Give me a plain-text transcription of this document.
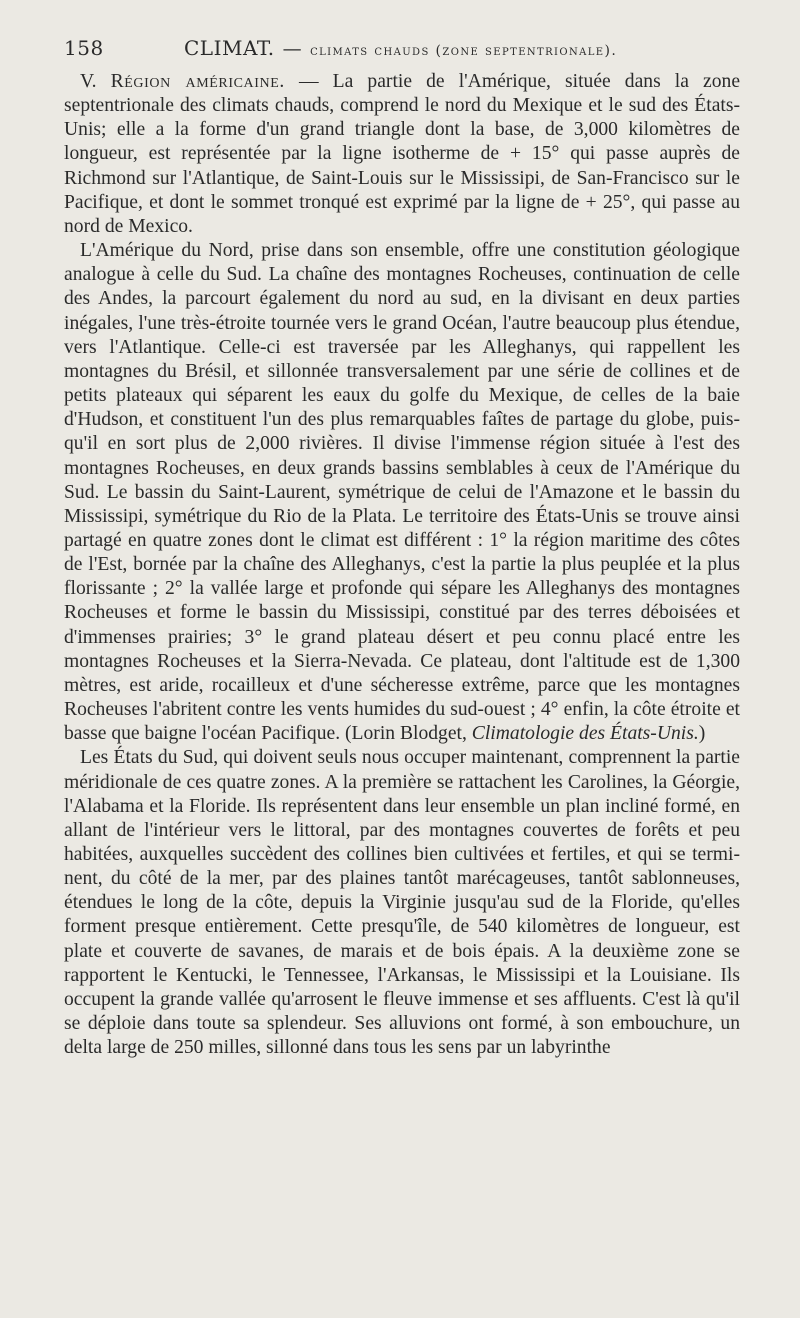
158	CLIMAT. — climats chauds (zone septentrionale).

V. Région américaine. — La partie de l'Amérique, située dans la zone septentrionale des climats chauds, comprend le nord du Mexique et le sud des États-Unis; elle a la forme d'un grand triangle dont la base, de 3,000 kilomètres de longueur, est représentée par la ligne isotherme de + 15° qui passe auprès de Richmond sur l'Atlantique, de Saint-Louis sur le Mississipi, de San-Francisco sur le Pacifique, et dont le sommet tronqué est exprimé par la ligne de + 25°, qui passe au nord de Mexico.

L'Amérique du Nord, prise dans son ensemble, offre une constitution géologique analogue à celle du Sud. La chaîne des montagnes Rocheuses, continuation de celle des Andes, la parcourt également du nord au sud, en la divisant en deux parties inégales, l'une très-étroite tournée vers le grand Océan, l'autre beaucoup plus étendue, vers l'Atlantique. Celle-ci est traversée par les Alleghanys, qui rappellent les montagnes du Brésil, et sillonnée transversalement par une série de collines et de petits plateaux qui séparent les eaux du golfe du Mexique, de celles de la baie d'Hudson, et constituent l'un des plus remarquables faîtes de partage du globe, puisqu'il en sort plus de 2,000 rivières. Il divise l'immense région située à l'est des montagnes Rocheuses, en deux grands bassins semblables à ceux de l'Amérique du Sud. Le bassin du Saint-Laurent, symétrique de celui de l'Amazone et le bassin du Mississipi, symétrique du Rio de la Plata. Le territoire des États-Unis se trouve ainsi partagé en quatre zones dont le climat est différent : 1° la région maritime des côtes de l'Est, bornée par la chaîne des Alleghanys, c'est la partie la plus peuplée et la plus florissante ; 2° la vallée large et profonde qui sépare les Alleghanys des montagnes Rocheuses et forme le bassin du Mississipi, constitué par des terres déboisées et d'immenses prairies; 3° le grand plateau désert et peu connu placé entre les montagnes Rocheuses et la Sierra-Nevada. Ce plateau, dont l'altitude est de 1,300 mètres, est aride, rocailleux et d'une sécheresse extrême, parce que les montagnes Rocheuses l'abritent contre les vents humides du sud-ouest ; 4° enfin, la côte étroite et basse que baigne l'océan Pacifique. (Lorin Blodget, Climatologie des États-Unis.)

Les États du Sud, qui doivent seuls nous occuper maintenant, comprennent la partie méridionale de ces quatre zones. A la première se rattachent les Carolines, la Géorgie, l'Alabama et la Floride. Ils représentent dans leur ensemble un plan incliné formé, en allant de l'intérieur vers le littoral, par des montagnes couvertes de forêts et peu habitées, auxquelles succèdent des collines bien cultivées et fertiles, et qui se terminent, du côté de la mer, par des plaines tantôt marécageuses, tantôt sablonneuses, étendues le long de la côte, depuis la Virginie jusqu'au sud de la Floride, qu'elles forment presque entièrement. Cette presqu'île, de 540 kilomètres de longueur, est plate et couverte de savanes, de marais et de bois épais. A la deuxième zone se rapportent le Kentucki, le Tennessee, l'Arkansas, le Mississipi et la Louisiane. Ils occupent la grande vallée qu'arrosent le fleuve immense et ses affluents. C'est là qu'il se déploie dans toute sa splendeur. Ses alluvions ont formé, à son embouchure, un delta large de 250 milles, sillonné dans tous les sens par un labyrinthe
